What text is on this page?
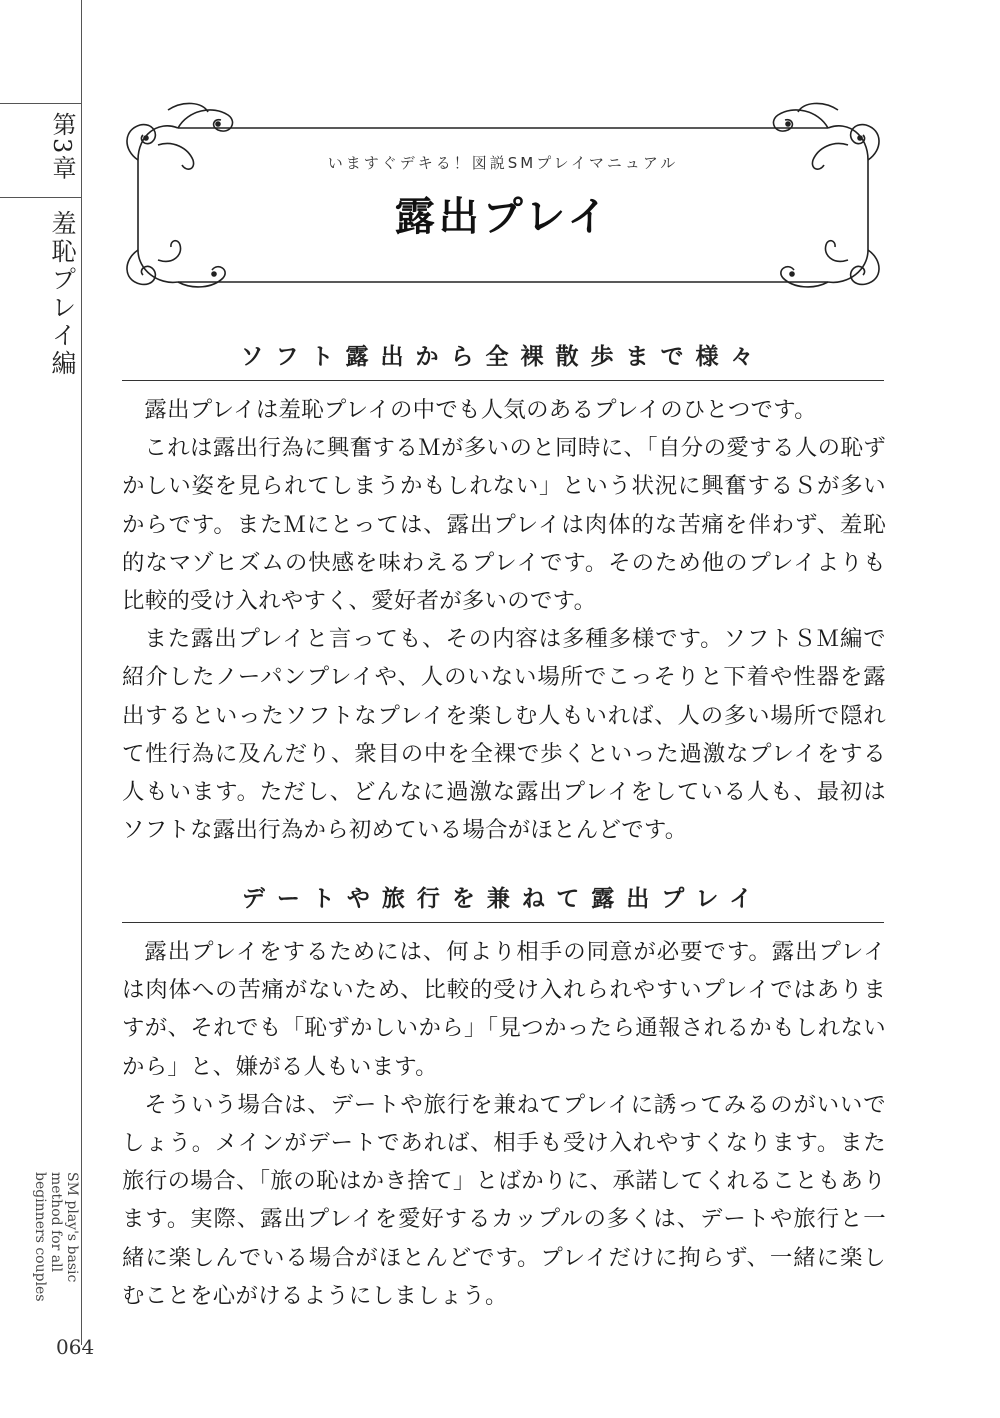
第3章
羞恥プレイ編
SM play's basic method for all beginners couples
064
いますぐデキる！図説SMプレイマニュアル
露出プレイ
ソフト露出から全裸散歩まで様々

露出プレイは羞恥プレイの中でも人気のあるプレイのひとつです。

これは露出行為に興奮するＭが多いのと同時に、「自分の愛する人の恥ずかしい姿を見られてしまうかもしれない」という状況に興奮するＳが多いからです。またＭにとっては、露出プレイは肉体的な苦痛を伴わず、羞恥的なマゾヒズムの快感を味わえるプレイです。そのため他のプレイよりも比較的受け入れやすく、愛好者が多いのです。

また露出プレイと言っても、その内容は多種多様です。ソフトＳＭ編で紹介したノーパンプレイや、人のいない場所でこっそりと下着や性器を露出するといったソフトなプレイを楽しむ人もいれば、人の多い場所で隠れて性行為に及んだり、衆目の中を全裸で歩くといった過激なプレイをする人もいます。ただし、どんなに過激な露出プレイをしている人も、最初はソフトな露出行為から初めている場合がほとんどです。

デートや旅行を兼ねて露出プレイ

露出プレイをするためには、何より相手の同意が必要です。露出プレイは肉体への苦痛がないため、比較的受け入れられやすいプレイではありますが、それでも「恥ずかしいから」「見つかったら通報されるかもしれないから」と、嫌がる人もいます。

そういう場合は、デートや旅行を兼ねてプレイに誘ってみるのがいいでしょう。メインがデートであれば、相手も受け入れやすくなります。また旅行の場合、「旅の恥はかき捨て」とばかりに、承諾してくれることもあります。実際、露出プレイを愛好するカップルの多くは、デートや旅行と一緒に楽しんでいる場合がほとんどです。プレイだけに拘らず、一緒に楽しむことを心がけるようにしましょう。
